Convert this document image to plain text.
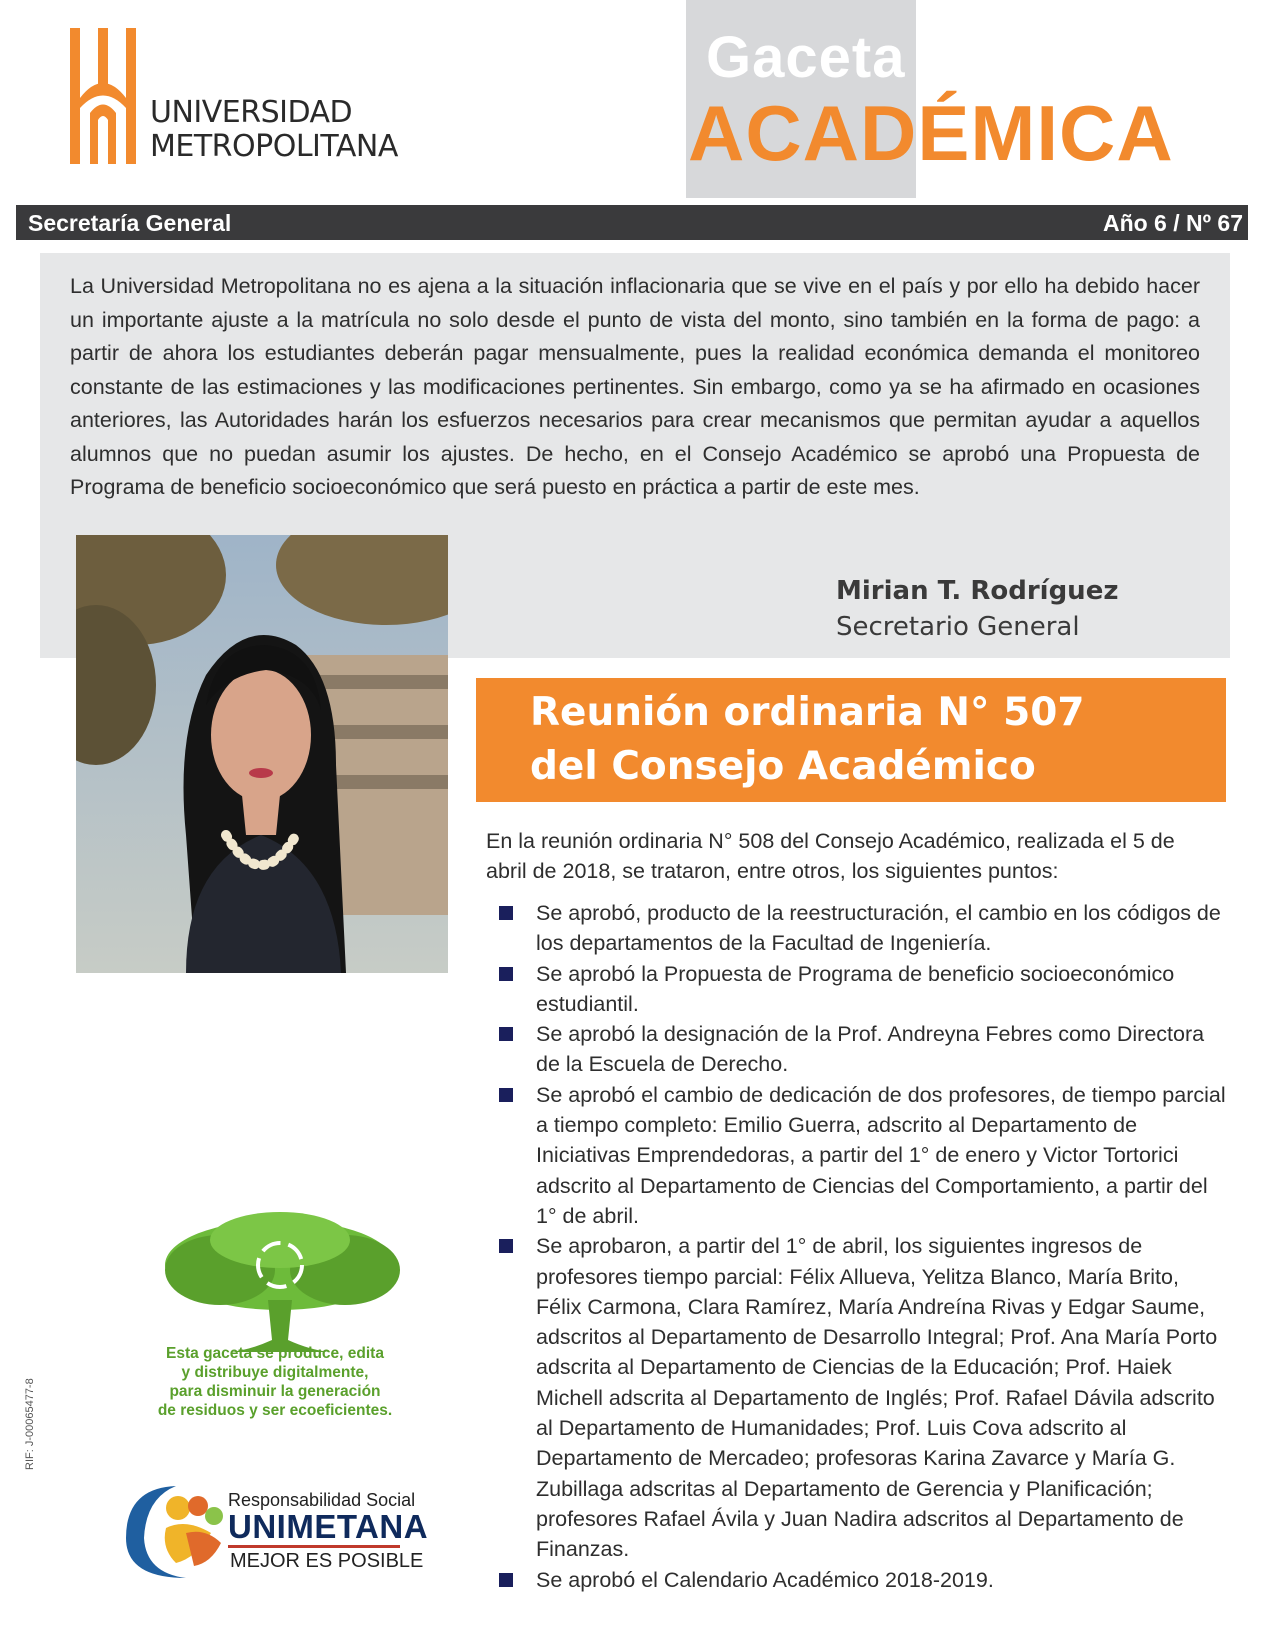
UNIVERSIDAD
METROPOLITANA
Gaceta
ACADÉMICA
Secretaría General	Año 6 / Nº 67
La Universidad Metropolitana no es ajena a la situación inflacionaria que se vive en el país y por ello ha debido hacer un importante ajuste a la matrícula no solo desde el punto de vista del monto, sino también en la forma de pago: a partir de ahora los estudiantes deberán pagar mensualmente, pues la realidad económica demanda el monitoreo constante de las estimaciones y las modificaciones pertinentes. Sin embargo, como ya se ha afirmado en ocasiones anteriores, las Autoridades harán los esfuerzos necesarios para crear mecanismos que permitan ayudar a aquellos alumnos que no puedan asumir los ajustes. De hecho, en el Consejo Académico se aprobó una Propuesta de Programa de beneficio socioeconómico que será puesto en práctica a partir de este mes.
Mirian T. Rodríguez
Secretario General
Reunión ordinaria N° 507
del Consejo Académico
En la reunión ordinaria N° 508 del Consejo Académico, realizada el 5 de abril de 2018, se trataron, entre otros, los siguientes puntos:
Se aprobó, producto de la reestructuración, el cambio en los códigos de los departamentos de la Facultad de Ingeniería.
Se aprobó la Propuesta de Programa de beneficio socioeconómico estudiantil.
Se aprobó la designación de la Prof. Andreyna Febres como Directora de la Escuela de Derecho.
Se aprobó el cambio de dedicación de dos profesores, de tiempo parcial a tiempo completo: Emilio Guerra, adscrito al Departamento de Iniciativas Emprendedoras, a partir del 1° de enero y Victor Tortorici adscrito al Departamento de Ciencias del Comportamiento, a partir del 1° de abril.
Se aprobaron, a partir del 1° de abril, los siguientes ingresos de profesores tiempo parcial: Félix Allueva, Yelitza Blanco, María Brito, Félix Carmona, Clara Ramírez, María Andreína Rivas y Edgar Saume, adscritos al Departamento de Desarrollo Integral; Prof. Ana María Porto adscrita al Departamento de Ciencias de la Educación; Prof. Haiek Michell adscrita al Departamento de Inglés; Prof. Rafael Dávila adscrito al Departamento de Humanidades; Prof. Luis Cova adscrito al Departamento de Mercadeo; profesoras Karina Zavarce y María G. Zubillaga adscritas al Departamento de Gerencia y Planificación; profesores Rafael Ávila y Juan Nadira adscritos al Departamento de Finanzas.
Se aprobó el Calendario Académico 2018-2019.
Esta gaceta se produce, edita
y distribuye digitalmente,
para disminuir la generación
de residuos y ser ecoeficientes.
RIF: J-00065477-8
Responsabilidad Social
UNIMETANA
MEJOR ES POSIBLE
